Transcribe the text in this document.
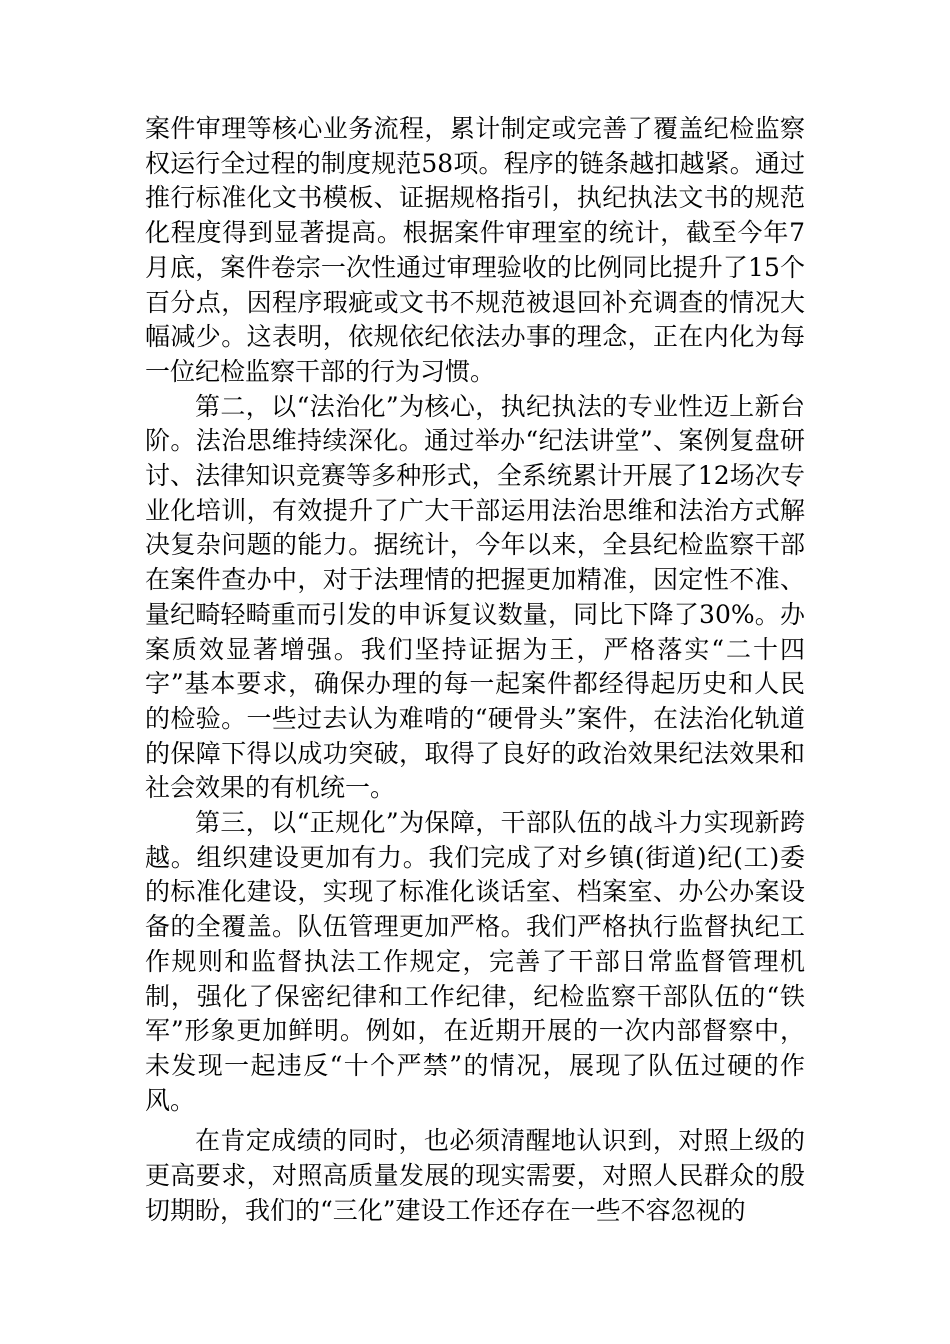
案件审理等核心业务流程，累计制定或完善了覆盖纪检监察权运行全过程的制度规范58项。程序的链条越扣越紧。通过推行标准化文书模板、证据规格指引，执纪执法文书的规范化程度得到显著提高。根据案件审理室的统计，截至今年7月底，案件卷宗一次性通过审理验收的比例同比提升了15个百分点，因程序瑕疵或文书不规范被退回补充调查的情况大幅减少。这表明，依规依纪依法办事的理念，正在内化为每一位纪检监察干部的行为习惯。

第二，以“法治化”为核心，执纪执法的专业性迈上新台阶。法治思维持续深化。通过举办“纪法讲堂”、案例复盘研讨、法律知识竞赛等多种形式，全系统累计开展了12场次专业化培训，有效提升了广大干部运用法治思维和法治方式解决复杂问题的能力。据统计，今年以来，全县纪检监察干部在案件查办中，对于法理情的把握更加精准，因定性不准、量纪畸轻畸重而引发的申诉复议数量，同比下降了30%。办案质效显著增强。我们坚持证据为王，严格落实“二十四字”基本要求，确保办理的每一起案件都经得起历史和人民的检验。一些过去认为难啃的“硬骨头”案件，在法治化轨道的保障下得以成功突破，取得了良好的政治效果纪法效果和社会效果的有机统一。

第三，以“正规化”为保障，干部队伍的战斗力实现新跨越。组织建设更加有力。我们完成了对乡镇(街道)纪(工)委的标准化建设，实现了标准化谈话室、档案室、办公办案设备的全覆盖。队伍管理更加严格。我们严格执行监督执纪工作规则和监督执法工作规定，完善了干部日常监督管理机制，强化了保密纪律和工作纪律，纪检监察干部队伍的“铁军”形象更加鲜明。例如，在近期开展的一次内部督察中，未发现一起违反“十个严禁”的情况，展现了队伍过硬的作风。

在肯定成绩的同时，也必须清醒地认识到，对照上级的更高要求，对照高质量发展的现实需要，对照人民群众的殷切期盼，我们的“三化”建设工作还存在一些不容忽视的
